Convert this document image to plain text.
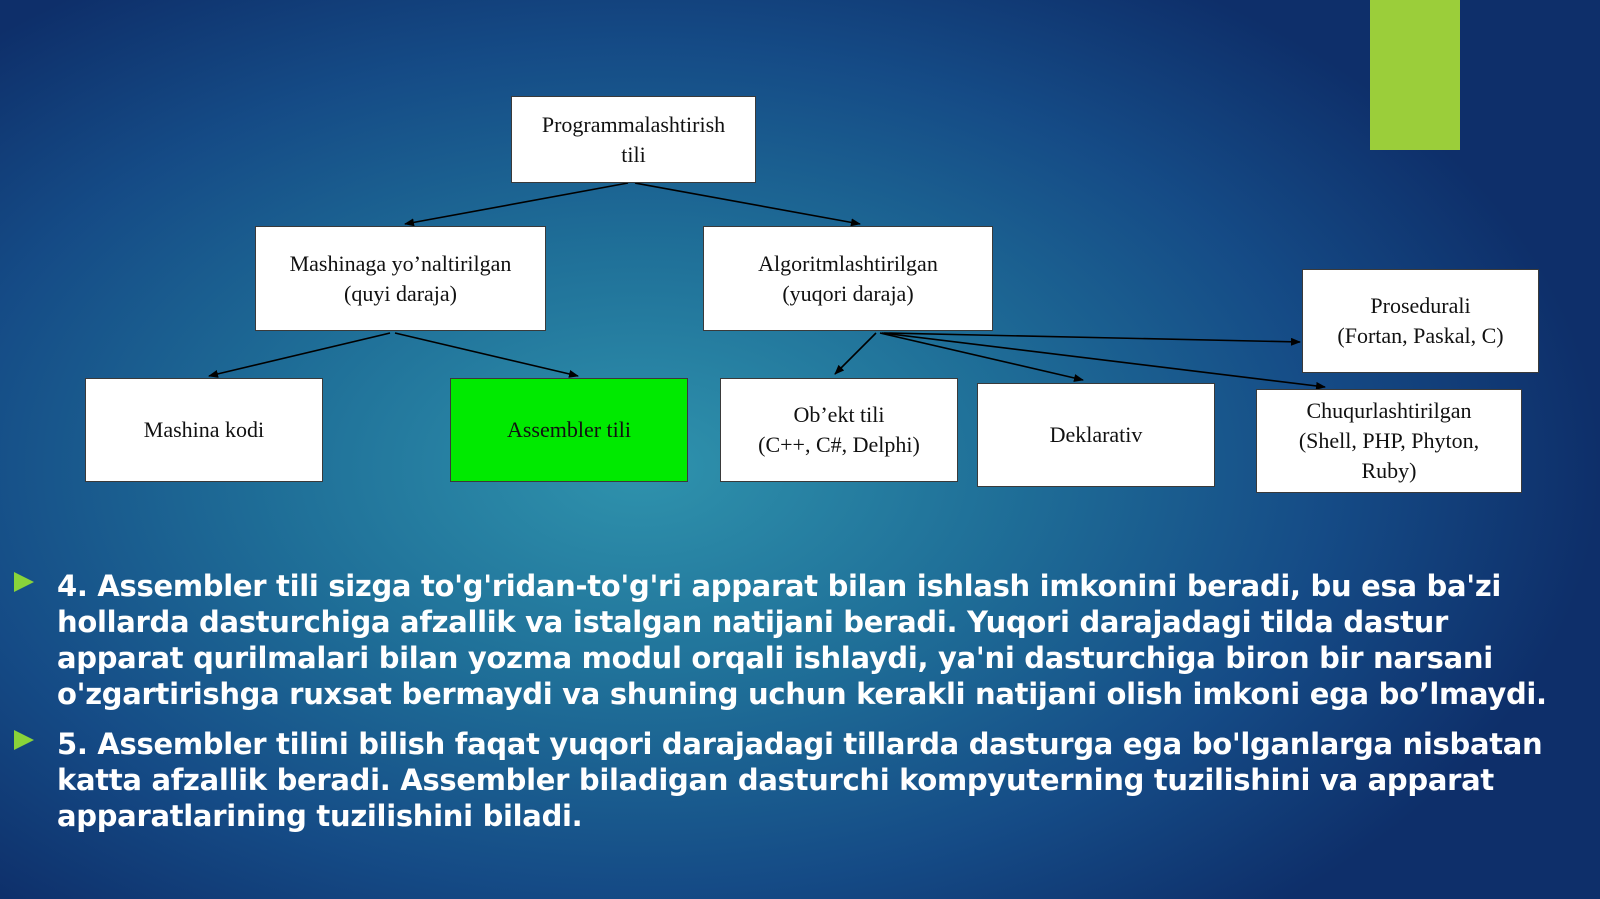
Programmalashtirish
tili
Mashinaga yo’naltirilgan
(quyi daraja)
Algoritmlashtirilgan
(yuqori daraja)
Mashina kodi	Assembler tili
Ob’ekt tili
(C++, C#, Delphi)	Deklarativ
Chuqurlashtirilgan
(Shell, PHP, Phyton,
Ruby)
Prosedurali
(Fortan, Paskal, C)
4. Assembler tili sizga to'g'ridan-to'g'ri apparat bilan ishlash imkonini beradi, bu esa ba'zi hollarda dasturchiga afzallik va istalgan natijani beradi. Yuqori darajadagi tilda dastur apparat qurilmalari bilan yozma modul orqali ishlaydi, ya'ni dasturchiga biron bir narsani o'zgartirishga ruxsat bermaydi va shuning uchun kerakli natijani olish imkoni ega bo’lmaydi.
5. Assembler tilini bilish faqat yuqori darajadagi tillarda dasturga ega bo'lganlarga nisbatan katta afzallik beradi. Assembler biladigan dasturchi kompyuterning tuzilishini va apparat apparatlarining tuzilishini biladi.
